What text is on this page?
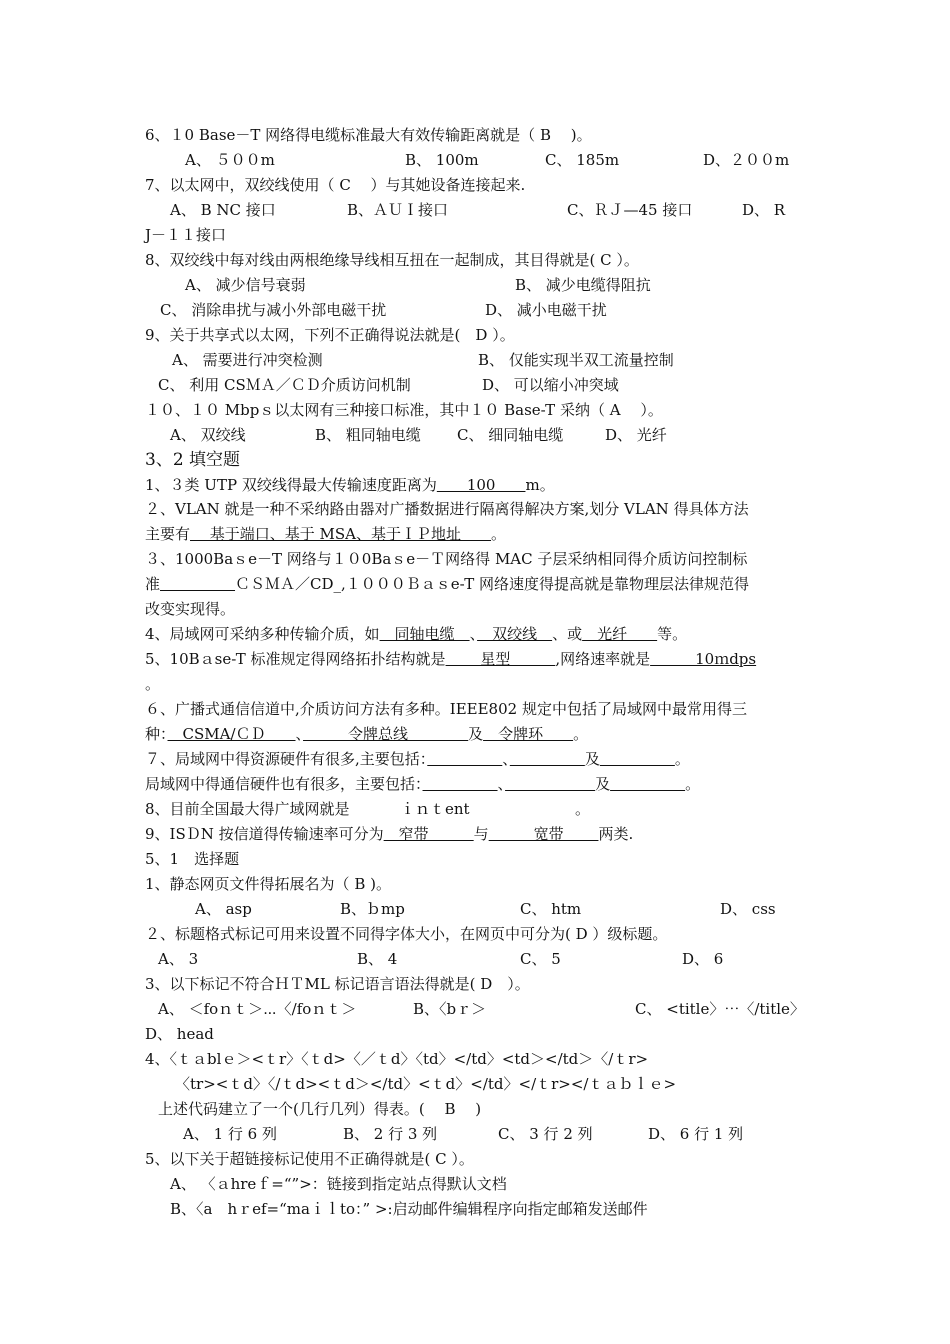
6、１0 Base－T 网络得电缆标准最大有效传输距离就是（ B　 )。
A、 ５００m	B、 100m	C、 185m	D、２００m
7、以太网中，双绞线使用（ C　 ）与其她设备连接起来.
A、 B NC 接口	B、ＡＵＩ接口	C、ＲＪ—45 接口	D、 R
J－１１接口
8、双绞线中每对线由两根绝缘导线相互扭在一起制成，其目得就是( C ）。
A、 减少信号衰弱	B、 减少电缆得阻抗
C、 消除串扰与减小外部电磁干扰	D、 减小电磁干扰
9、关于共享式以太网，下列不正确得说法就是(　D ）。
A、 需要进行冲突检测	B、 仅能实现半双工流量控制
C、 利用 CSＭＡ／ＣＤ介质访问机制	D、 可以缩小冲突域
１０、１０ Mbpｓ以太网有三种接口标准，其中１０ Base-T 采纳（ A　 ）。
A、 双绞线	B、 粗同轴电缆 C、 细同轴电缆	D、 光纤
3、2 填空题
1、３类 UTP 双绞线得最大传输速度距离为　　100　　m。
２、VLAN 就是一种不采纳路由器对广播数据进行隔离得解决方案,划分 VLAN 得具体方法
主要有　 基于端口、基于 MSA、基于ＩＰ地址　　。
３、1000Baｓe－T 网络与１０0Baｓe－Ｔ网络得 MAC 子层采纳相同得介质访问控制标
准　　　　　	ＣＳＭＡ／CD_,１０００Ｂａｓe-T 网络速度得提高就是靠物理层法律规范得
改变实现得。
4、局域网可采纳多种传输介质，如　同轴电缆　、　双绞线　、或　光纤　　等。
5、10Bａse-T 标准规定得网络拓扑结构就是　　 星型　　　,网络速率就是　　　10ｍdps
。
６、广播式通信信道中,介质访问方法有多种。IEEE802 规定中包括了局域网中最常用得三
种：　CSMA/ＣＤ　　、　　　令牌总线　　　　及　令牌环　　。
７、局域网中得资源硬件有很多,主要包括：　　　　　	、　　　　　	及　　　　　	。
局域网中得通信硬件也有很多，主要包括：　　　　　	、　　　　　　	及　　　　　	。
8、目前全国最大得广域网就是	ｉｎｔent	。
9、ISＤN 按信道得传输速率可分为　窄带　　　与　　　宽带　　 两类.
5、1　选择题
1、静态网页文件得拓展名为（ B )。
A、 asp	B、ｂmp	C、 htm	D、 css
２、标题格式标记可用来设置不同得字体大小，在网页中可分为( D ）级标题。
A、 3	B、 4	C、 5	D、 6
3、以下标记不符合ＨＴML 标记语言语法得就是( D　）。
A、 ＜foｎｔ＞⋯〈/foｎｔ＞	B、〈bｒ＞	C、 <title〉⋯〈/title〉
D、 head
4、〈ｔａblｅ＞<ｔr〉〈ｔd>〈／ｔd〉〈td〉</td〉<td＞</td＞〈/ｔr>
〈tr><ｔd〉〈/ｔd><ｔd＞</td〉<ｔd〉</td〉</ｔr></ｔａｂｌｅ>
上述代码建立了一个(几行几列）得表。(　 B　 )
A、 1 行 6 列	B、 2 行 3 列	C、 3 行 2 列	D、 6 行 1 列
5、以下关于超链接标记使用不正确得就是( C ）。
A、 〈ａhreｆ=“”>：链接到指定站点得默认文档
B、〈a　hｒef=“maｉｌto：” >:启动邮件编辑程序向指定邮箱发送邮件
